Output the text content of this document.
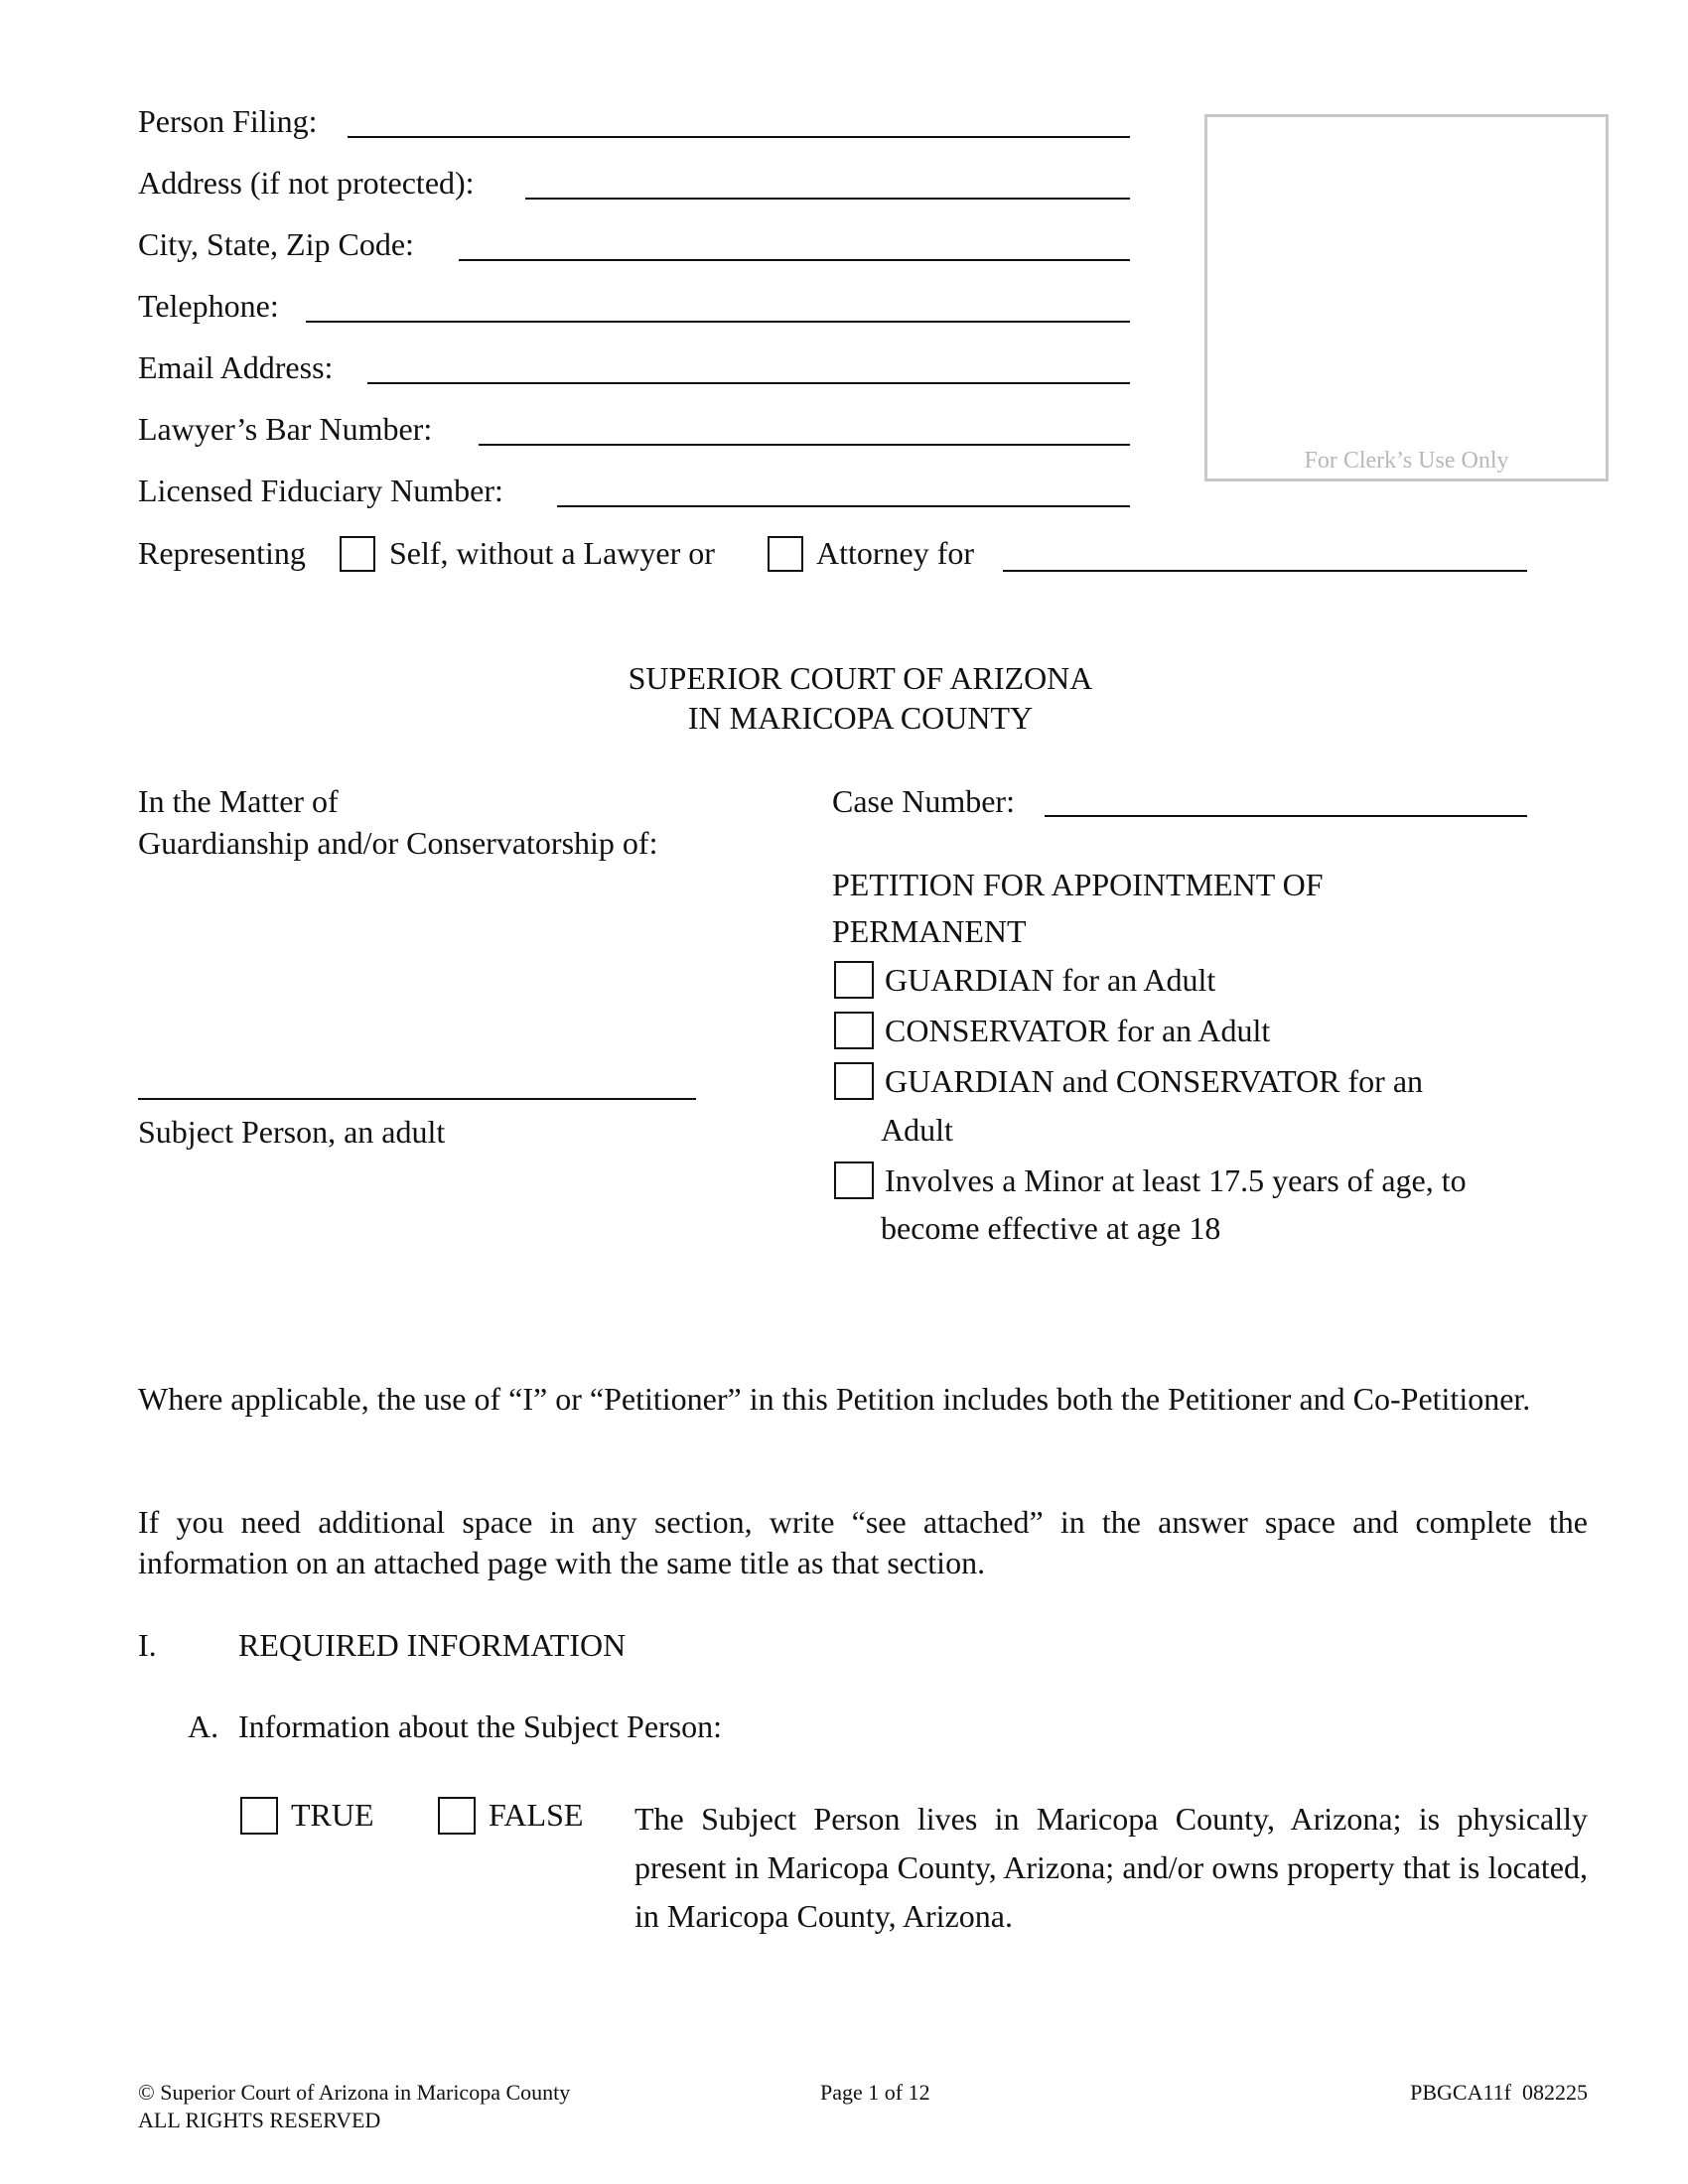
Person Filing:
Address (if not protected):
City, State, Zip Code:
Telephone:
Email Address:
Lawyer’s Bar Number:
Licensed Fiduciary Number:
Representing	Self, without a Lawyer or	Attorney for
For Clerk’s Use Only
SUPERIOR COURT OF ARIZONA
IN MARICOPA COUNTY
In the Matter of
Guardianship and/or Conservatorship of:
Subject Person, an adult
Case Number:
PETITION FOR APPOINTMENT OF
PERMANENT
GUARDIAN for an Adult
CONSERVATOR for an Adult
GUARDIAN and CONSERVATOR for an
Adult
Involves a Minor at least 17.5 years of age, to
become effective at age 18
Where applicable, the use of “I” or “Petitioner” in this Petition includes both the Petitioner and Co-Petitioner.
If you need additional space in any section, write “see attached” in the answer space and complete the information on an attached page with the same title as that section.
I.	REQUIRED INFORMATION
A. Information about the Subject Person:
TRUE	FALSE The Subject Person lives in Maricopa County, Arizona; is physically present in Maricopa County, Arizona; and/or owns property that is located, in Maricopa County, Arizona.
© Superior Court of Arizona in Maricopa County
ALL RIGHTS RESERVED
Page 1 of 12	PBGCA11f  082225
